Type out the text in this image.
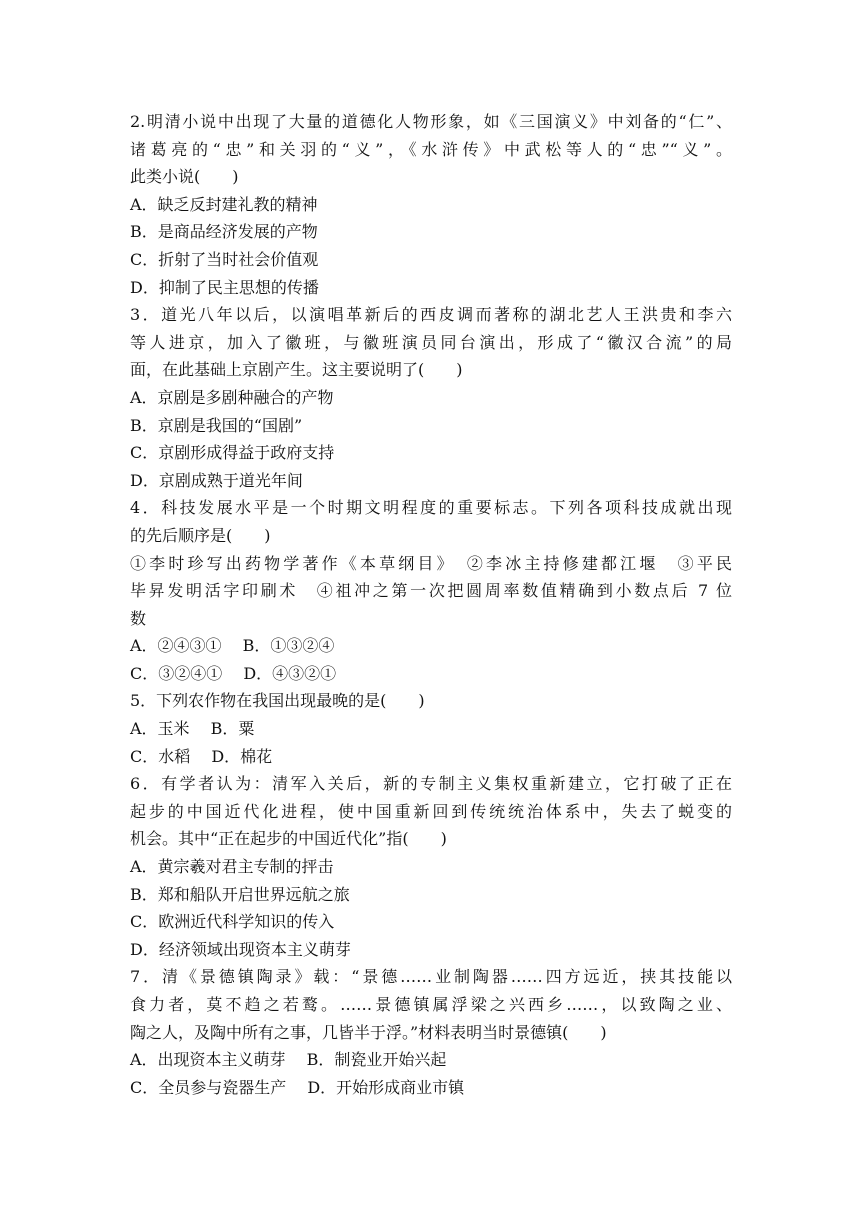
2.明清小说中出现了大量的道德化人物形象，如《三国演义》中刘备的“仁”、
诸葛亮的“忠”和关羽的“义”，《水浒传》中武松等人的“忠”“义”。
此类小说(　　)
A．缺乏反封建礼教的精神
B．是商品经济发展的产物
C．折射了当时社会价值观
D．抑制了民主思想的传播
3．道光八年以后，以演唱革新后的西皮调而著称的湖北艺人王洪贵和李六
等人进京，加入了徽班，与徽班演员同台演出，形成了“徽汉合流”的局
面，在此基础上京剧产生。这主要说明了(　　)
A．京剧是多剧种融合的产物
B．京剧是我国的“国剧”
C．京剧形成得益于政府支持
D．京剧成熟于道光年间
4．科技发展水平是一个时期文明程度的重要标志。下列各项科技成就出现
的先后顺序是(　　)
①李时珍写出药物学著作《本草纲目》　②李冰主持修建都江堰　③平民
毕昇发明活字印刷术　④祖冲之第一次把圆周率数值精确到小数点后 7 位
数
A．②④③①　 B．①③②④
C．③②④①　 D．④③②①
5．下列农作物在我国出现最晚的是(　　)
A．玉米　 B．粟
C．水稻　 D．棉花
6．有学者认为：清军入关后，新的专制主义集权重新建立，它打破了正在
起步的中国近代化进程，使中国重新回到传统统治体系中，失去了蜕变的
机会。其中“正在起步的中国近代化”指(　　)
A．黄宗羲对君主专制的抨击
B．郑和船队开启世界远航之旅
C．欧洲近代科学知识的传入
D．经济领域出现资本主义萌芽
7．清《景德镇陶录》载：“景德……业制陶器……四方远近，挟其技能以
食力者，莫不趋之若鹜。……景德镇属浮梁之兴西乡……，以致陶之业、
陶之人，及陶中所有之事，几皆半于浮。”材料表明当时景德镇(　　)
A．出现资本主义萌芽　 B．制瓷业开始兴起
C．全员参与瓷器生产　 D．开始形成商业市镇
